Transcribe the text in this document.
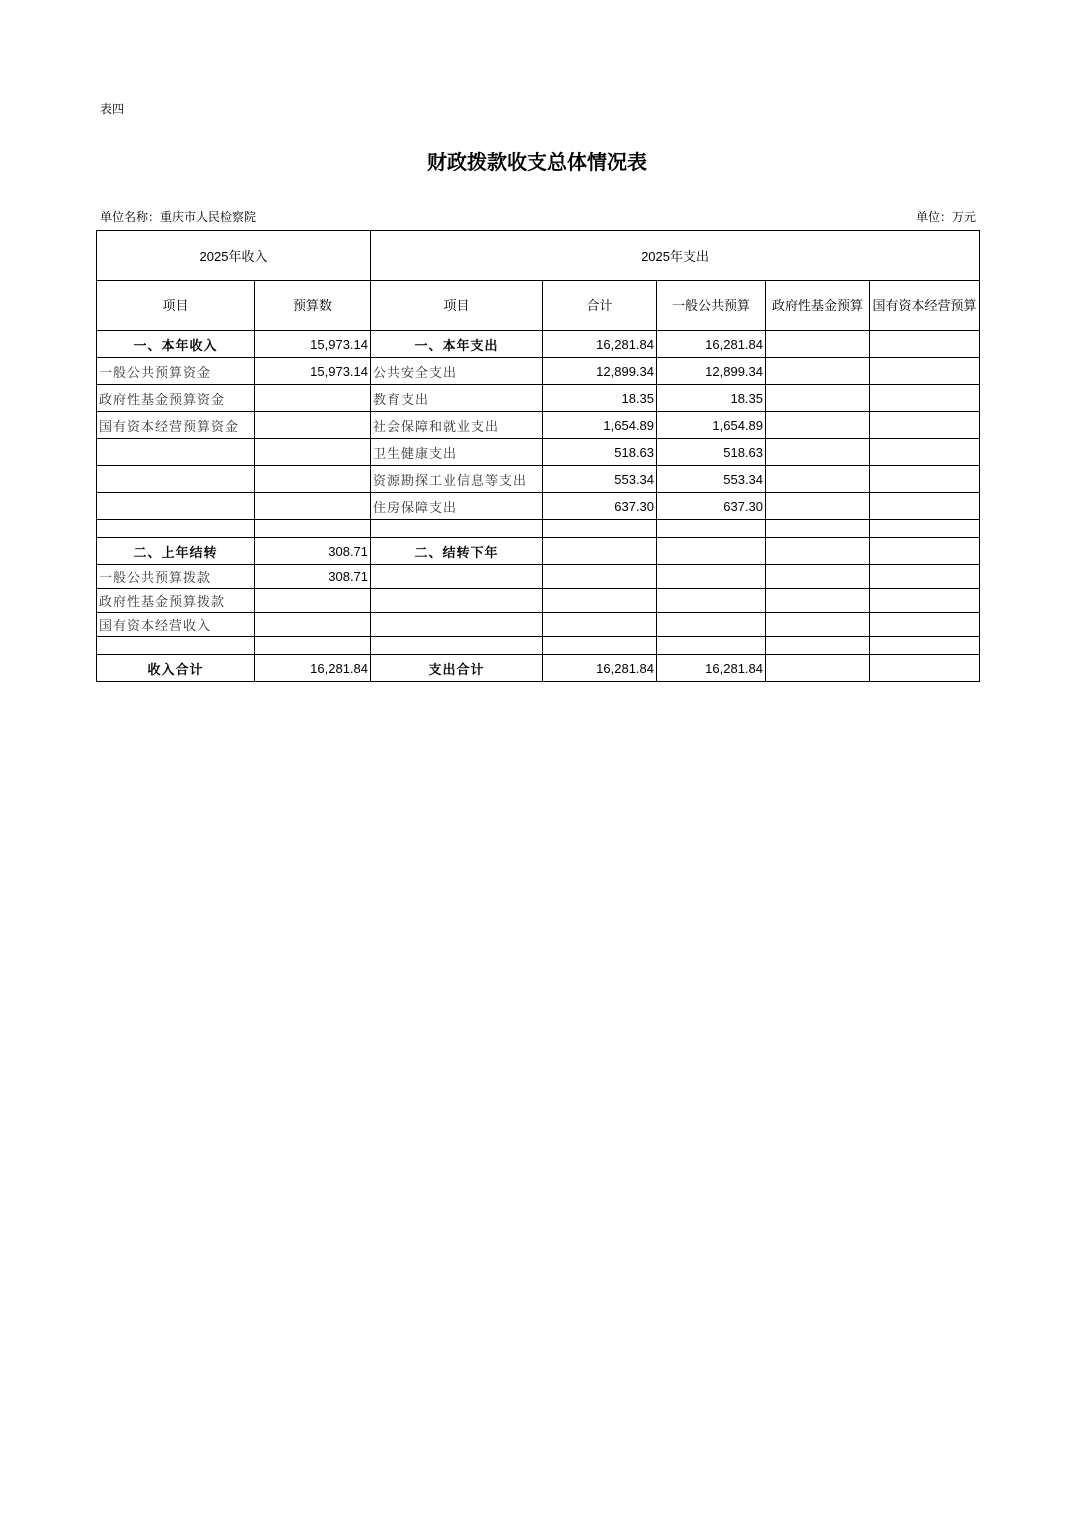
表四
财政拨款收支总体情况表
单位名称：重庆市人民检察院	单位：万元
2025年收入		2025年支出				
项目	预算数	项目	合计	一般公共预算	政府性基金预算	国有资本经营预算
一、本年收入	15,973.14	一、本年支出	16,281.84	16,281.84		
一般公共预算资金	15,973.14	公共安全支出	12,899.34	12,899.34		
政府性基金预算资金		教育支出	18.35	18.35		
国有资本经营预算资金		社会保障和就业支出	1,654.89	1,654.89		
		卫生健康支出	518.63	518.63		
		资源勘探工业信息等支出	553.34	553.34		
		住房保障支出	637.30	637.30		

二、上年结转	308.71	二、结转下年				
一般公共预算拨款	308.71					
政府性基金预算拨款						
国有资本经营收入						

收入合计	16,281.84	支出合计	16,281.84	16,281.84		
